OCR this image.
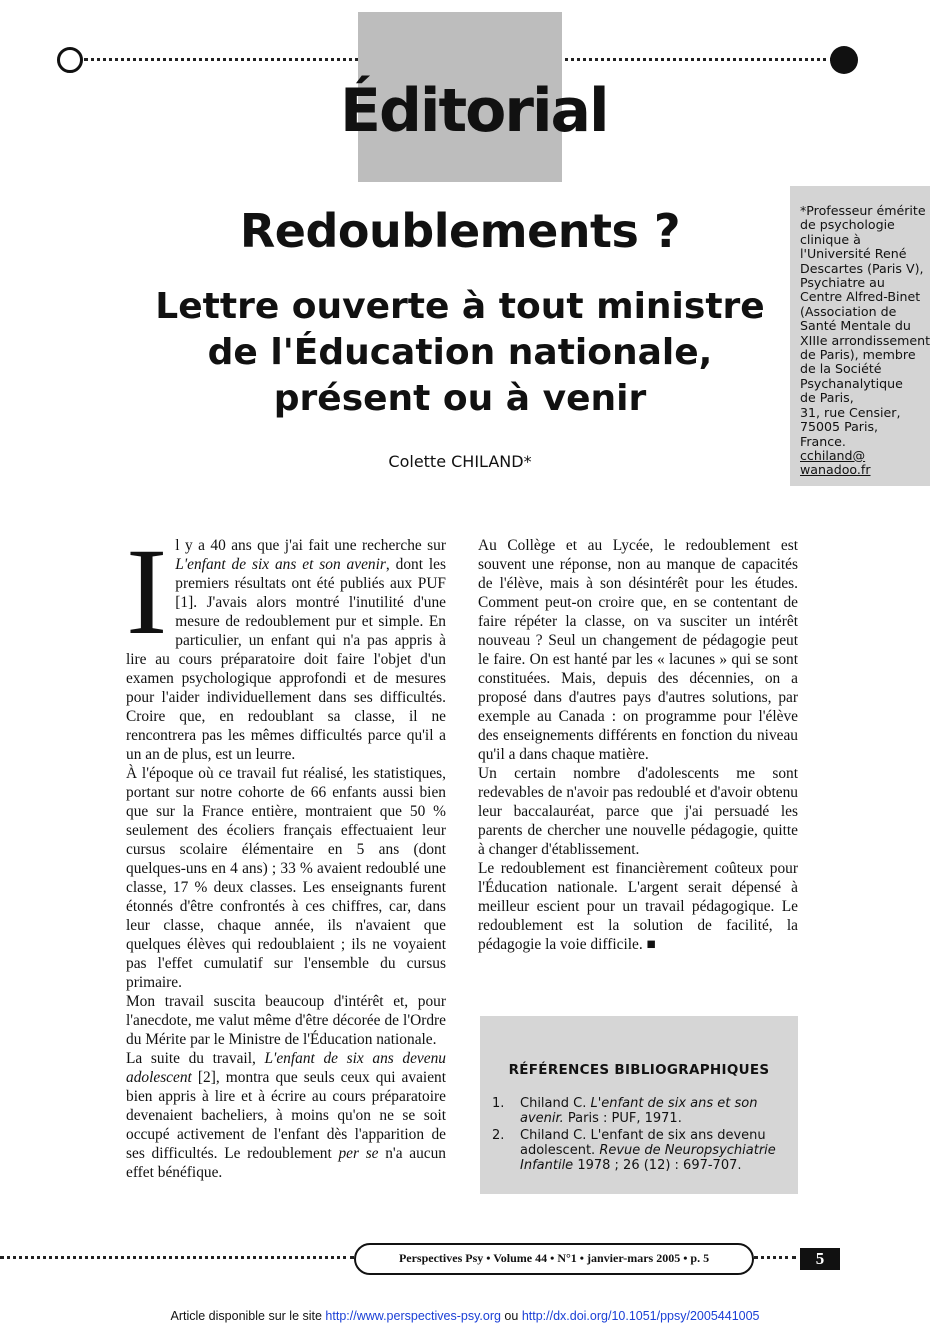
Éditorial
*Professeur émérite
de psychologie
clinique à
l'Université René
Descartes (Paris V),
Psychiatre au
Centre Alfred-Binet
(Association de
Santé Mentale du
XIIIe arrondissement
de Paris), membre
de la Société
Psychanalytique
de Paris,
31, rue Censier,
75005 Paris,
France.
cchiland@
wanadoo.fr
Redoublements ?
Lettre ouverte à tout ministre
de l'Éducation nationale,
présent ou à venir
Colette CHILAND*
I l y a 40 ans que j'ai fait une recherche sur L'enfant de six ans et son avenir, dont les premiers résultats ont été publiés aux PUF [1]. J'avais alors montré l'inutilité d'une mesure de redoublement pur et simple. En particulier, un enfant qui n'a pas appris à lire au cours préparatoire doit faire l'objet d'un examen psychologique approfondi et de mesures pour l'aider individuellement dans ses difficultés. Croire que, en redoublant sa classe, il ne rencontrera pas les mêmes difficultés parce qu'il a un an de plus, est un leurre.

À l'époque où ce travail fut réalisé, les statistiques, portant sur notre cohorte de 66 enfants aussi bien que sur la France entière, montraient que 50 % seulement des écoliers français effectuaient leur cursus scolaire élémentaire en 5 ans (dont quelques-uns en 4 ans) ; 33 % avaient redoublé une classe, 17 % deux classes. Les enseignants furent étonnés d'être confrontés à ces chiffres, car, dans leur classe, chaque année, ils n'avaient que quelques élèves qui redoublaient ; ils ne voyaient pas l'effet cumulatif sur l'ensemble du cursus primaire.

Mon travail suscita beaucoup d'intérêt et, pour l'anecdote, me valut même d'être décorée de l'Ordre du Mérite par le Ministre de l'Éducation nationale.

La suite du travail, L'enfant de six ans devenu adolescent [2], montra que seuls ceux qui avaient bien appris à lire et à écrire au cours préparatoire devenaient bacheliers, à moins qu'on ne se soit occupé activement de l'enfant dès l'apparition de ses difficultés. Le redoublement per se n'a aucun effet bénéfique.

Au Collège et au Lycée, le redoublement est souvent une réponse, non au manque de capacités de l'élève, mais à son désintérêt pour les études. Comment peut-on croire que, en se contentant de faire répéter la classe, on va susciter un intérêt nouveau ? Seul un changement de pédagogie peut le faire. On est hanté par les « lacunes » qui se sont constituées. Mais, depuis des décennies, on a proposé dans d'autres pays d'autres solutions, par exemple au Canada : on programme pour l'élève des enseignements différents en fonction du niveau qu'il a dans chaque matière.

Un certain nombre d'adolescents me sont redevables de n'avoir pas redoublé et d'avoir obtenu leur baccalauréat, parce que j'ai persuadé les parents de chercher une nouvelle pédagogie, quitte à changer d'établissement.

Le redoublement est financièrement coûteux pour l'Éducation nationale. L'argent serait dépensé à meilleur escient pour un travail pédagogique. Le redoublement est la solution de facilité, la pédagogie la voie difficile. ■

RÉFÉRENCES BIBLIOGRAPHIQUES
1. Chiland C. L'enfant de six ans et son avenir. Paris : PUF, 1971.
2. Chiland C. L'enfant de six ans devenu adolescent. Revue de Neuropsychiatrie Infantile 1978 ; 26 (12) : 697-707.
Perspectives Psy • Volume 44 • N°1 • janvier-mars 2005 • p. 5	5
Article disponible sur le site http://www.perspectives-psy.org ou http://dx.doi.org/10.1051/ppsy/2005441005
